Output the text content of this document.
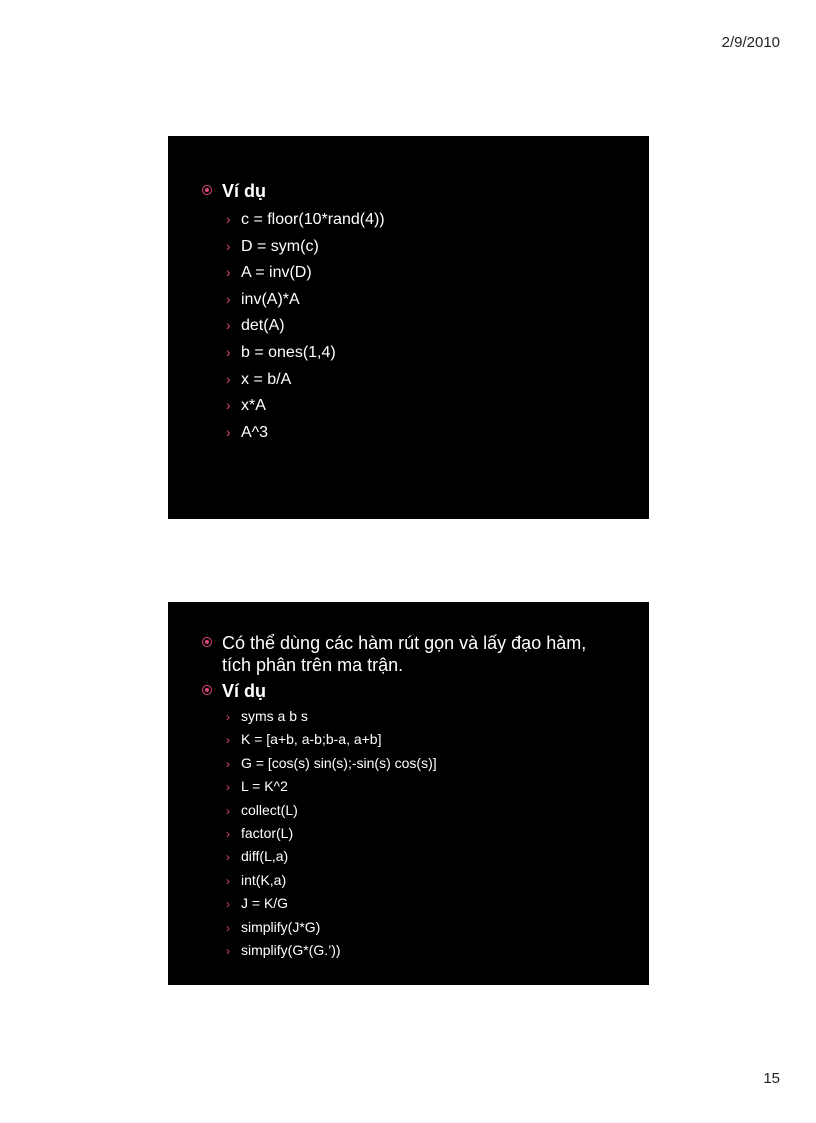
2/9/2010
Ví dụ
› c = floor(10*rand(4))
› D = sym(c)
› A = inv(D)
› inv(A)*A
› det(A)
› b = ones(1,4)
› x = b/A
› x*A
› A^3
Có thể dùng các hàm rút gọn và lấy đạo hàm,
tích phân trên ma trận.
Ví dụ
› syms a b s
› K = [a+b, a-b;b-a, a+b]
› G = [cos(s) sin(s);-sin(s) cos(s)]
› L = K^2
› collect(L)
› factor(L)
› diff(L,a)
› int(K,a)
› J = K/G
› simplify(J*G)
› simplify(G*(G.’))
15
